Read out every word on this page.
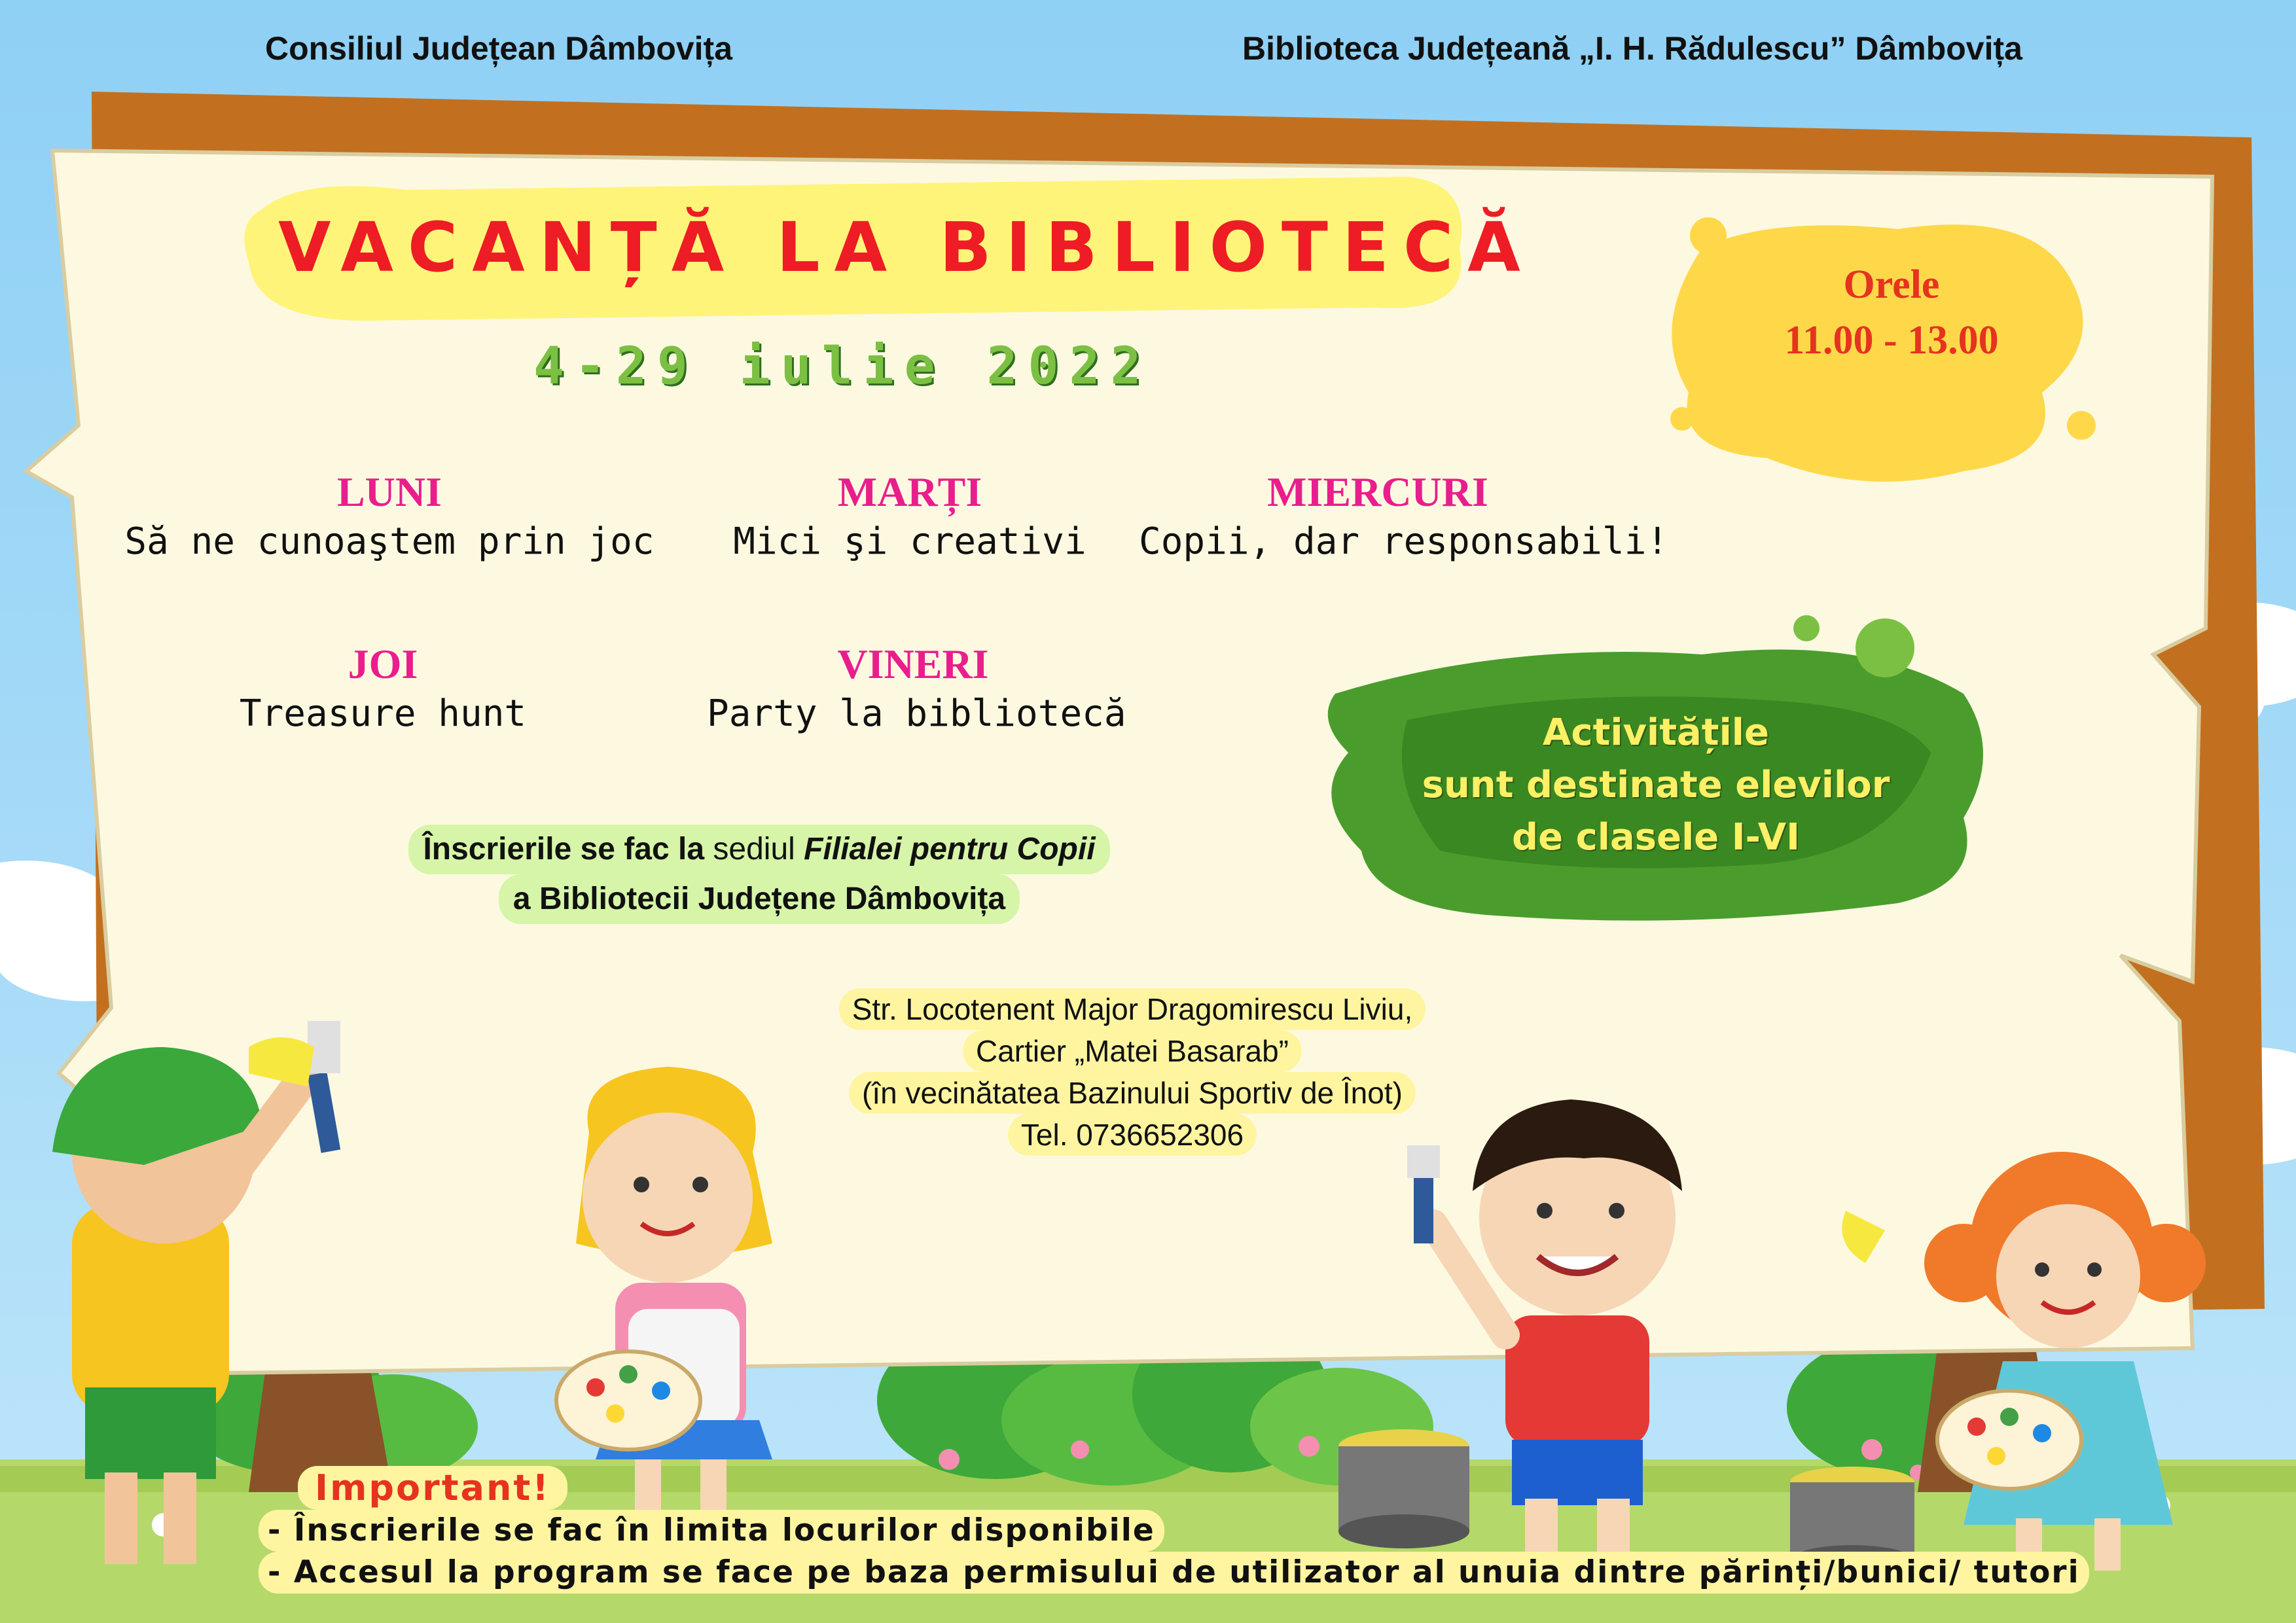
Consiliul Județean Dâmbovița	Biblioteca Județeană „I. H. Rădulescu” Dâmbovița
VACANȚĂ LA BIBLIOTECĂ
4-29 iulie 2022
Orele
11.00 - 13.00
LUNI
Să ne cunoaştem prin joc
MARȚI
Mici şi creativi
MIERCURI
Copii, dar responsabili!
JOI
Treasure hunt
VINERI
Party la bibliotecă	Activitățile
sunt destinate elevilor
de clasele I-VI
Înscrierile se fac la sediul Filialei pentru Copii
a Bibliotecii Județene Dâmbovița
Str. Locotenent Major Dragomirescu Liviu,
Cartier „Matei Basarab”
(în vecinătatea Bazinului Sportiv de Înot)
Tel. 0736652306
Important!
- Înscrierile se fac în limita locurilor disponibile
- Accesul la program se face pe baza permisului de utilizator al unuia dintre părinți/bunici/ tutori
